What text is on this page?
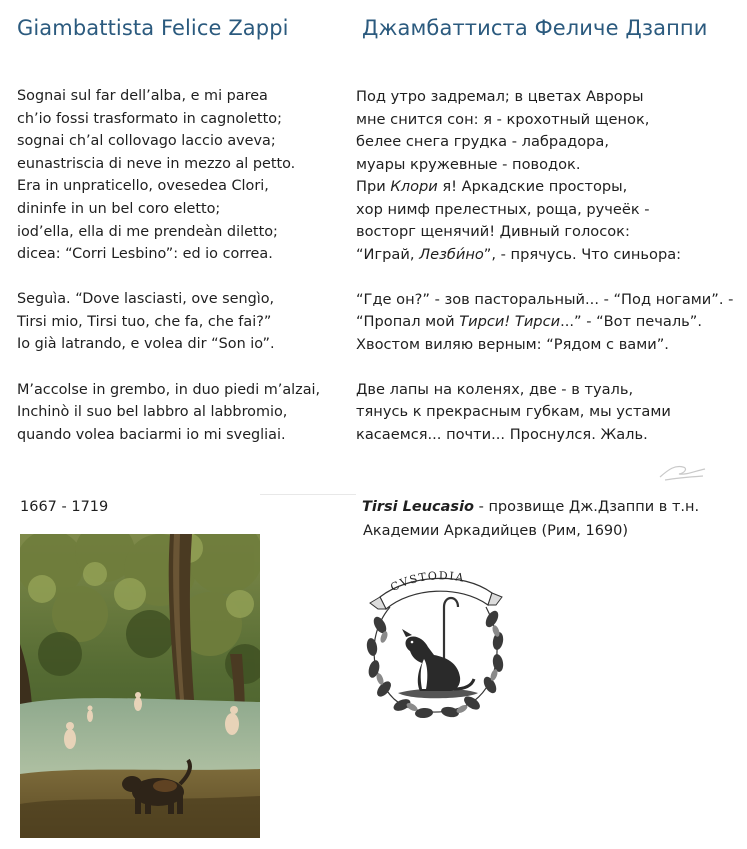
Giambattista Felice Zappi	Джамбаттиста Феличе Дзаппи
Sognai sul far dell’alba, e mi parea
ch’io fossi trasformato in cagnoletto;
sognai ch’al collovago laccio aveva;
eunastriscia di neve in mezzo al petto.
Era in unpraticello, ovesedea Clori,
dininfe in un bel coro eletto;
iod’ella, ella di me prendeàn diletto;
dicea: “Corri Lesbino”: ed io correa.
Seguìa. “Dove lasciasti, ove sengìo,
Tirsi mio, Tirsi tuo, che fa, che fai?”
Io già latrando, e volea dir “Son io”.
M’accolse in grembo, in duo piedi m’alzai,
Inchinò il suo bel labbro al labbromio,
quando volea baciarmi io mi svegliai.
Под утро задремал; в цветах Авроры
мне снится сон: я - крохотный щенок,
белее снега грудка - лабрадора,
муары кружевные - поводок.
При Клори я! Аркадские просторы,
хор нимф прелестных, роща, ручеёк -
восторг щенячий! Дивный голосок:
“Играй, Лезби́но”, - прячусь. Что синьора:
“Где он?” - зов пасторальный... - “Под ногами”. -
“Пропал мой Тирси! Тирси...” - “Вот печаль”.
Хвостом виляю верным: “Рядом с вами”.
Две лапы на коленях, две - в туаль,
тянусь к прекрасным губкам, мы устами
касаемся... почти... Проснулся. Жаль.
1667 - 1719	Tirsi Leucasio - прозвище Дж.Дзаппи в т.н.
Академии Аркадийцев (Рим, 1690)
CVSTODIA
